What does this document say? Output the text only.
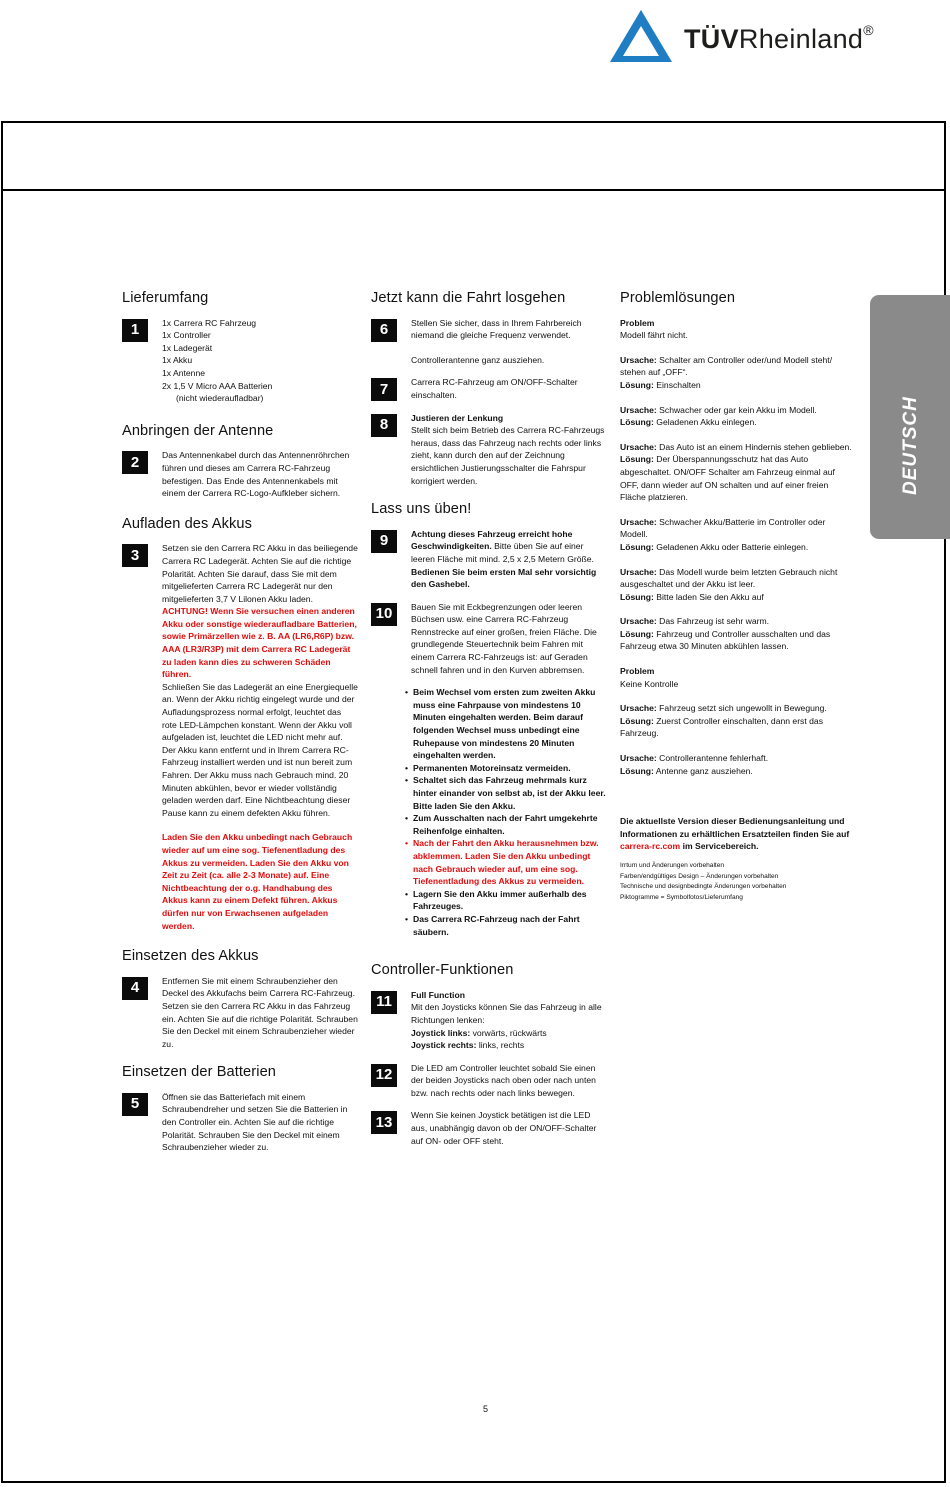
TÜVRheinland®
DEUTSCH
Lieferumfang
1	1x Carrera RC Fahrzeug

1x Controller

1x Ladegerät

1x Akku

1x Antenne

2x 1,5 V Micro AAA Batterien

(nicht wiederaufladbar)

Anbringen der Antenne
2	Das Antennenkabel durch das Antennenröhrchen führen und dieses am Carrera RC-Fahrzeug befestigen. Das Ende des Antennenkabels mit einem der Carrera RC-Logo-Aufkleber sichern.

Aufladen des Akkus
3	Setzen sie den Carrera RC Akku in das beiliegende Carrera RC Ladegerät. Achten Sie auf die richtige Polarität. Achten Sie darauf, dass Sie mit dem mitgelieferten Carrera RC Ladegerät nur den mitgelieferten 3,7 V Lilonen Akku laden.

ACHTUNG! Wenn Sie versuchen einen anderen Akku oder sonstige wiederaufladbare Batterien, sowie Primärzellen wie z. B. AA (LR6,R6P) bzw. AAA (LR3/R3P) mit dem Carrera RC Ladegerät zu laden kann dies zu schweren Schäden führen.

Schließen Sie das Ladegerät an eine Energiequelle an. Wenn der Akku richtig eingelegt wurde und der Aufladungsprozess normal erfolgt, leuchtet das rote LED-Lämpchen konstant. Wenn der Akku voll aufgeladen ist, leuchtet die LED nicht mehr auf. Der Akku kann entfernt und in Ihrem Carrera RC-Fahrzeug installiert werden und ist nun bereit zum Fahren. Der Akku muss nach Gebrauch mind. 20 Minuten abkühlen, bevor er wieder vollständig geladen werden darf. Eine Nichtbeachtung dieser Pause kann zu einem defekten Akku führen.

Laden Sie den Akku unbedingt nach Gebrauch wieder auf um eine sog. Tiefenentladung des Akkus zu vermeiden. Laden Sie den Akku von Zeit zu Zeit (ca. alle 2-3 Monate) auf. Eine Nichtbeachtung der o.g. Handhabung des Akkus kann zu einem Defekt führen. Akkus dürfen nur von Erwachsenen aufgeladen werden.

Einsetzen des Akkus
4	Entfernen Sie mit einem Schraubenzieher den Deckel des Akkufachs beim Carrera RC-Fahrzeug. Setzen sie den Carrera RC Akku in das Fahrzeug ein. Achten Sie auf die richtige Polarität. Schrauben Sie den Deckel mit einem Schraubenzieher wieder zu.

Einsetzen der Batterien
5	Öffnen sie das Batteriefach mit einem Schraubendreher und setzen Sie die Batterien in den Controller ein. Achten Sie auf die richtige Polarität. Schrauben Sie den Deckel mit einem Schraubenzieher wieder zu.

Jetzt kann die Fahrt losgehen
6	Stellen Sie sicher, dass in Ihrem Fahrbereich niemand die gleiche Frequenz verwendet.

Controllerantenne ganz ausziehen.

7	Carrera RC-Fahrzeug am ON/OFF-Schalter einschalten.

8	Justieren der Lenkung

Stellt sich beim Betrieb des Carrera RC-Fahrzeugs heraus, dass das Fahrzeug nach rechts oder links zieht, kann durch den auf der Zeichnung ersichtlichen Justierungsschalter die Fahrspur korrigiert werden.

Lass uns üben!
9	Achtung dieses Fahrzeug erreicht hohe Geschwindigkeiten. Bitte üben Sie auf einer leeren Fläche mit mind. 2,5 x 2,5 Metern Größe.

Bedienen Sie beim ersten Mal sehr vorsichtig den Gashebel.

10	Bauen Sie mit Eckbegrenzungen oder leeren Büchsen usw. eine Carrera RC-Fahrzeug Rennstrecke auf einer großen, freien Fläche. Die grundlegende Steuertechnik beim Fahren mit einem Carrera RC-Fahrzeugs ist: auf Geraden schnell fahren und in den Kurven abbremsen.

• Beim Wechsel vom ersten zum zweiten Akku muss eine Fahrpause von mindestens 10 Minuten eingehalten werden. Beim darauf folgenden Wechsel muss unbedingt eine Ruhepause von mindestens 20 Minuten eingehalten werden.
• Permanenten Motoreinsatz vermeiden.
• Schaltet sich das Fahrzeug mehrmals kurz hinter einander von selbst ab, ist der Akku leer. Bitte laden Sie den Akku.
• Zum Ausschalten nach der Fahrt umgekehrte Reihenfolge einhalten.
• Nach der Fahrt den Akku herausnehmen bzw. abklemmen. Laden Sie den Akku unbedingt nach Gebrauch wieder auf, um eine sog. Tiefenentladung des Akkus zu vermeiden.
• Lagern Sie den Akku immer außerhalb des Fahrzeuges.
• Das Carrera RC-Fahrzeug nach der Fahrt säubern.
Controller-Funktionen
11	Full Function

Mit den Joysticks können Sie das Fahrzeug in alle Richtungen lenken:

Joystick links: vorwärts, rückwärts

Joystick rechts: links, rechts

12	Die LED am Controller leuchtet sobald Sie einen der beiden Joysticks nach oben oder nach unten bzw. nach rechts oder nach links bewegen.

13	Wenn Sie keinen Joystick betätigen ist die LED aus, unabhängig davon ob der ON/OFF-Schalter auf ON- oder OFF steht.

Problemlösungen

Problem

Modell fährt nicht.

Ursache: Schalter am Controller oder/und Modell steht/ stehen auf „OFF“.

Lösung: Einschalten

Ursache: Schwacher oder gar kein Akku im Modell.

Lösung: Geladenen Akku einlegen.

Ursache: Das Auto ist an einem Hindernis stehen geblieben.

Lösung: Der Überspannungsschutz hat das Auto abgeschaltet. ON/OFF Schalter am Fahrzeug einmal auf OFF, dann wieder auf ON schalten und auf einer freien Fläche platzieren.

Ursache: Schwacher Akku/Batterie im Controller oder Modell.

Lösung: Geladenen Akku oder Batterie einlegen.

Ursache: Das Modell wurde beim letzten Gebrauch nicht ausgeschaltet und der Akku ist leer.

Lösung: Bitte laden Sie den Akku auf

Ursache: Das Fahrzeug ist sehr warm.

Lösung: Fahrzeug und Controller ausschalten und das Fahrzeug etwa 30 Minuten abkühlen lassen.

Problem

Keine Kontrolle

Ursache: Fahrzeug setzt sich ungewollt in Bewegung.

Lösung: Zuerst Controller einschalten, dann erst das Fahrzeug.

Ursache: Controllerantenne fehlerhaft.

Lösung: Antenne ganz ausziehen.

Die aktuellste Version dieser Bedienungsanleitung und Informationen zu erhältlichen Ersatzteilen finden Sie auf carrera-rc.com im Servicebereich.

Irrtum und Änderungen vorbehalten

Farben/endgültiges Design – Änderungen vorbehalten

Technische und designbedingte Änderungen vorbehalten

Piktogramme = Symbolfotos/Lieferumfang

5
